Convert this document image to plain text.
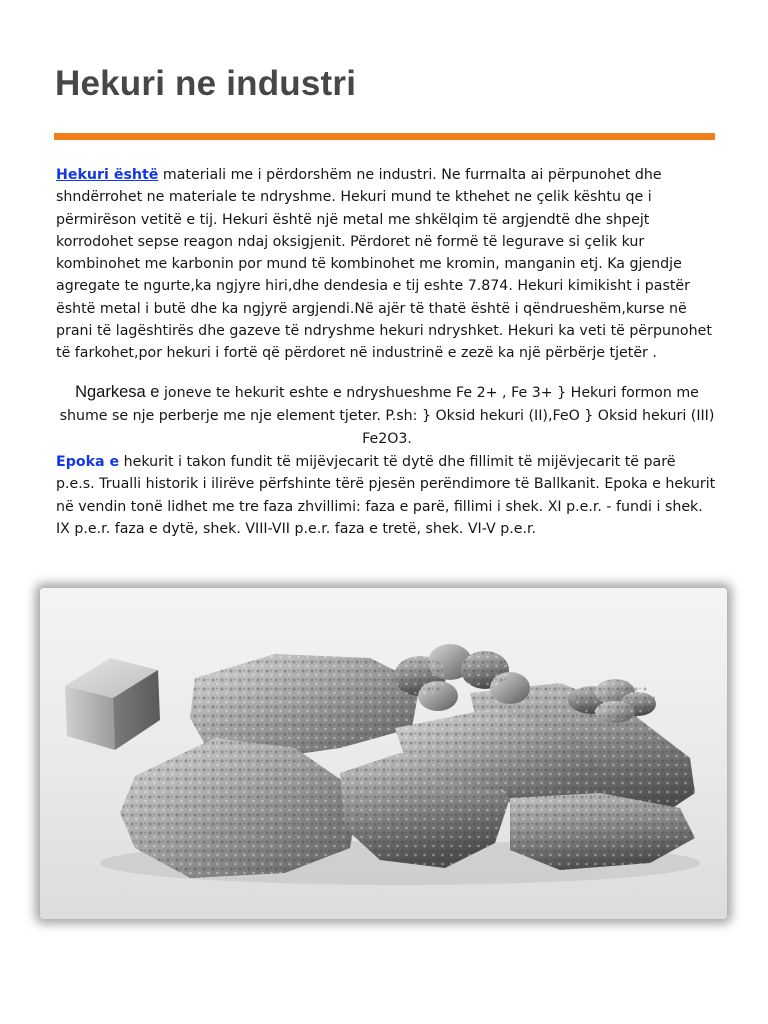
Hekuri ne industri

Hekuri është materiali me i përdorshëm ne industri. Ne furrnalta ai përpunohet dhe shndërrohet ne materiale te ndryshme. Hekuri mund te kthehet ne çelik kështu qe i përmirëson vetitë e tij. Hekuri është një metal me shkëlqim të argjendtë dhe shpejt korrodohet sepse reagon ndaj oksigjenit. Përdoret në formë të legurave si çelik kur kombinohet me karbonin por mund të kombinohet me kromin, manganin etj. Ka gjendje agregate te ngurte,ka ngjyre hiri,dhe dendesia e tij eshte 7.874. Hekuri kimikisht i pastër është metal i butë dhe ka ngjyrë argjendi.Në ajër të thatë është i qëndrueshëm,kurse në prani të lagështirës dhe gazeve të ndryshme hekuri ndryshket. Hekuri ka veti të përpunohet të farkohet,por hekuri i fortë që përdoret në industrinë e zezë ka një përbërje tjetër .

Ngarkesa e joneve te hekurit eshte e ndryshueshme Fe 2+ , Fe 3+ } Hekuri formon me shume se nje perberje me nje element tjeter. P.sh: } Oksid hekuri (II),FeO } Oksid hekuri (III) Fe2O3.

Epoka e hekurit i takon fundit të mijëvjecarit të dytë dhe fillimit të mijëvjecarit të parë p.e.s. Trualli historik i ilirëve përfshinte tërë pjesën perëndimore të Ballkanit. Epoka e hekurit në vendin tonë lidhet me tre faza zhvillimi: faza e parë, fillimi i shek. XI p.e.r. - fundi i shek. IX p.e.r. faza e dytë, shek. VIII-VII p.e.r. faza e tretë, shek. VI-V p.e.r.
